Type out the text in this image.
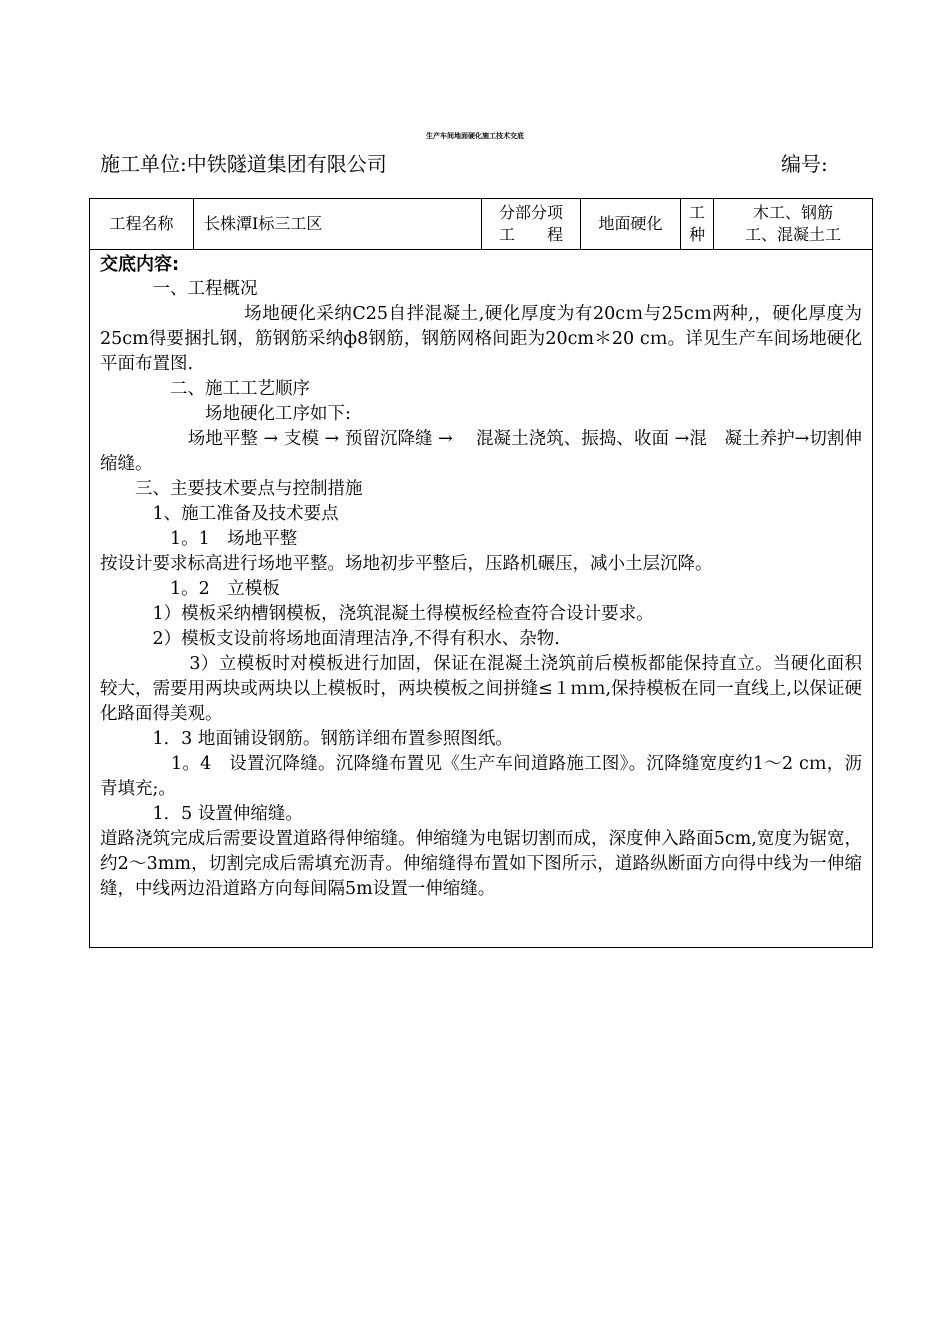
生产车间地面硬化施工技术交底
施工单位:中铁隧道集团有限公司	编号:
工程名称	长株潭Ⅰ标三工区
分部分项
工　　程
地面硬化
工
种
木工、钢筋
工、混凝土工

交底内容:

　　　一、工程概况

　　　　　　　　场地硬化采纳C25自拌混凝土,硬化厚度为有20cｍ与25cｍ两种,，硬化厚度为25cm得要捆扎钢，筋钢筋采纳ф8钢筋，钢筋网格间距为20cm＊20 cｍ。详见生产车间场地硬化平面布置图.

　　　　二、施工工艺顺序

　　　　　　场地硬化工序如下:

　　　　　场地平整 → 支模 → 预留沉降缝 → 　混凝土浇筑、振捣、收面 →混　凝土养护→切割伸缩缝。

　　三、主要技术要点与控制措施

　　　1、施工准备及技术要点

　　　　1。1　场地平整

按设计要求标高进行场地平整。场地初步平整后，压路机碾压，减小土层沉降。

　　　　1。2　立模板

　　　1）模板采纳槽钢模板，浇筑混凝土得模板经检查符合设计要求。

　　　2）模板支设前将场地面清理洁净,不得有积水、杂物.

　　　　　3）立模板时对模板进行加固，保证在混凝土浇筑前后模板都能保持直立。当硬化面积较大，需要用两块或两块以上模板时，两块模板之间拼缝≤１ｍｍ,保持模板在同一直线上,以保证硬化路面得美观。

　　　1．3 地面铺设钢筋。钢筋详细布置参照图纸。

　　　　1。4　设置沉降缝。沉降缝布置见《生产车间道路施工图》。沉降缝宽度约1～2 cｍ，沥青填充;。

　　　1．5 设置伸缩缝。

道路浇筑完成后需要设置道路得伸缩缝。伸缩缝为电锯切割而成，深度伸入路面5cm,宽度为锯宽，约2～3mm，切割完成后需填充沥青。伸缩缝得布置如下图所示，道路纵断面方向得中线为一伸缩缝，中线两边沿道路方向每间隔5m设置一伸缩缝。
